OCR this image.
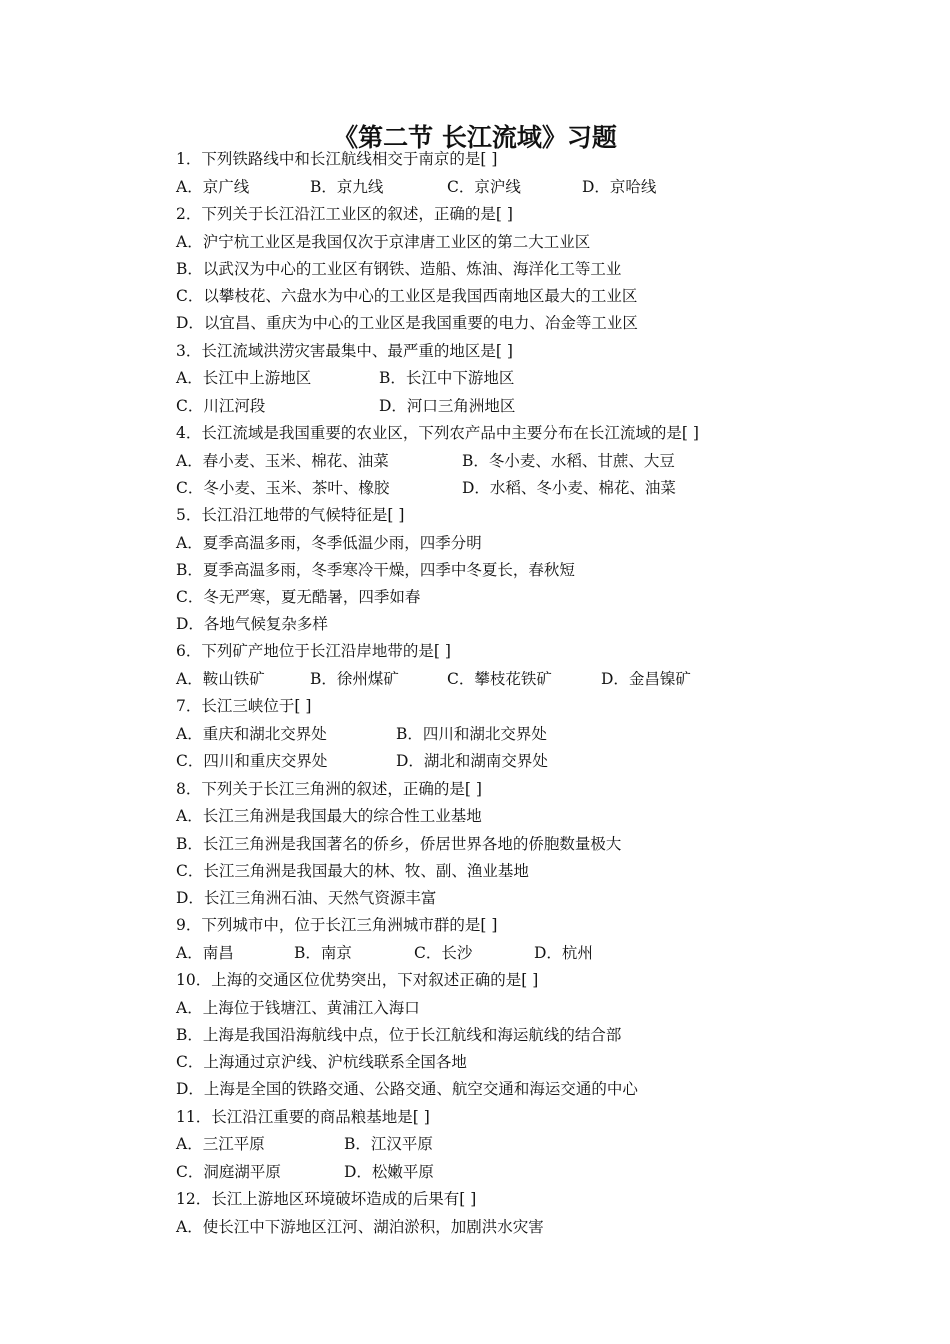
《第二节 长江流域》习题
1．下列铁路线中和长江航线相交于南京的是[ ]
A．京广线	B．京九线	C．京沪线	D．京哈线
2．下列关于长江沿江工业区的叙述，正确的是[ ]
A．沪宁杭工业区是我国仅次于京津唐工业区的第二大工业区
B．以武汉为中心的工业区有钢铁、造船、炼油、海洋化工等工业
C．以攀枝花、六盘水为中心的工业区是我国西南地区最大的工业区
D．以宜昌、重庆为中心的工业区是我国重要的电力、冶金等工业区
3．长江流域洪涝灾害最集中、最严重的地区是[ ]
A．长江中上游地区	B．长江中下游地区
C．川江河段	D．河口三角洲地区
4．长江流域是我国重要的农业区，下列农产品中主要分布在长江流域的是[ ]
A．春小麦、玉米、棉花、油菜	B．冬小麦、水稻、甘蔗、大豆
C．冬小麦、玉米、茶叶、橡胶	D．水稻、冬小麦、棉花、油菜
5．长江沿江地带的气候特征是[ ]
A．夏季高温多雨，冬季低温少雨，四季分明
B．夏季高温多雨，冬季寒冷干燥，四季中冬夏长，春秋短
C．冬无严寒，夏无酷暑，四季如春
D．各地气候复杂多样
6．下列矿产地位于长江沿岸地带的是[ ]
A．鞍山铁矿	B．徐州煤矿	C．攀枝花铁矿	D．金昌镍矿
7．长江三峡位于[ ]
A．重庆和湖北交界处	B．四川和湖北交界处
C．四川和重庆交界处	D．湖北和湖南交界处
8．下列关于长江三角洲的叙述，正确的是[ ]
A．长江三角洲是我国最大的综合性工业基地
B．长江三角洲是我国著名的侨乡，侨居世界各地的侨胞数量极大
C．长江三角洲是我国最大的林、牧、副、渔业基地
D．长江三角洲石油、天然气资源丰富
9．下列城市中，位于长江三角洲城市群的是[ ]
A．南昌	B．南京	C．长沙	D．杭州
10．上海的交通区位优势突出，下对叙述正确的是[ ]
A．上海位于钱塘江、黄浦江入海口
B．上海是我国沿海航线中点，位于长江航线和海运航线的结合部
C．上海通过京沪线、沪杭线联系全国各地
D．上海是全国的铁路交通、公路交通、航空交通和海运交通的中心
11．长江沿江重要的商品粮基地是[ ]
A．三江平原	B．江汉平原
C．洞庭湖平原	D．松嫩平原
12．长江上游地区环境破坏造成的后果有[ ]
A．使长江中下游地区江河、湖泊淤积，加剧洪水灾害
